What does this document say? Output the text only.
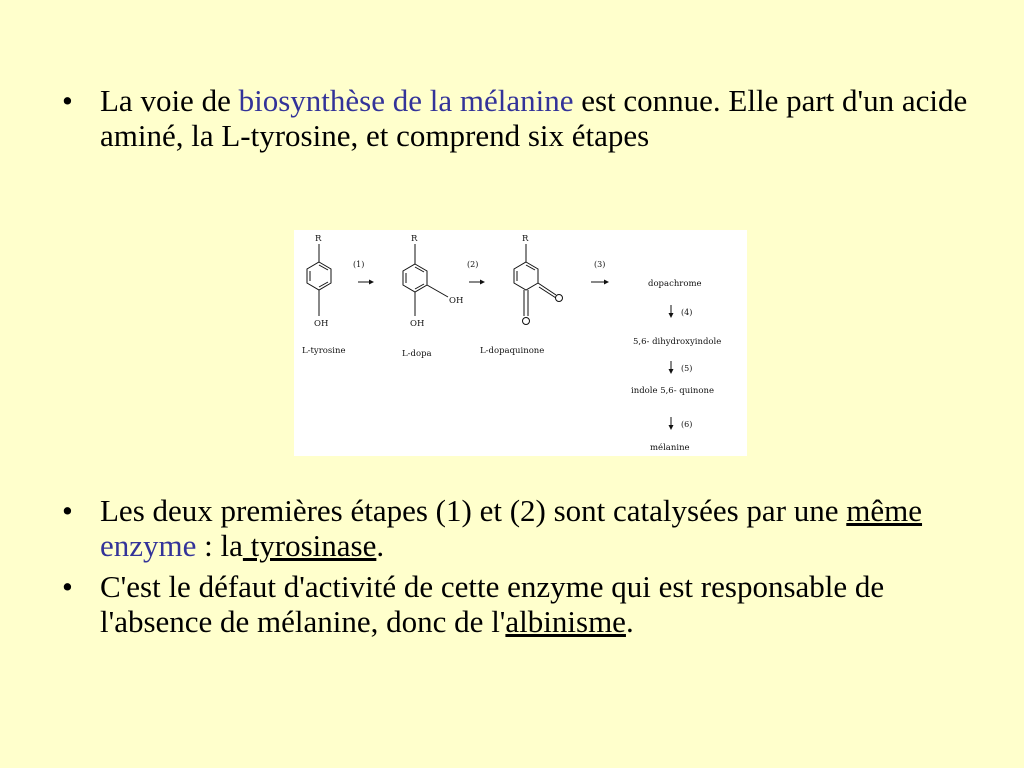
• La voie de biosynthèse de la mélanine est connue. Elle part d'un acide aminé, la L-tyrosine, et comprend six étapes
R	R	R
OH	OH
OH
L-tyrosine	L-dopa	L-dopaquinone
(1)	(2)	(3)
(4)
(5)
(6)
dopachrome
5,6- dihydroxyindole
indole 5,6- quinone
mélanine
• Les deux premières étapes (1) et (2) sont catalysées par une même enzyme : la tyrosinase.
• C'est le défaut d'activité de cette enzyme qui est responsable de l'absence de mélanine, donc de l'albinisme.
